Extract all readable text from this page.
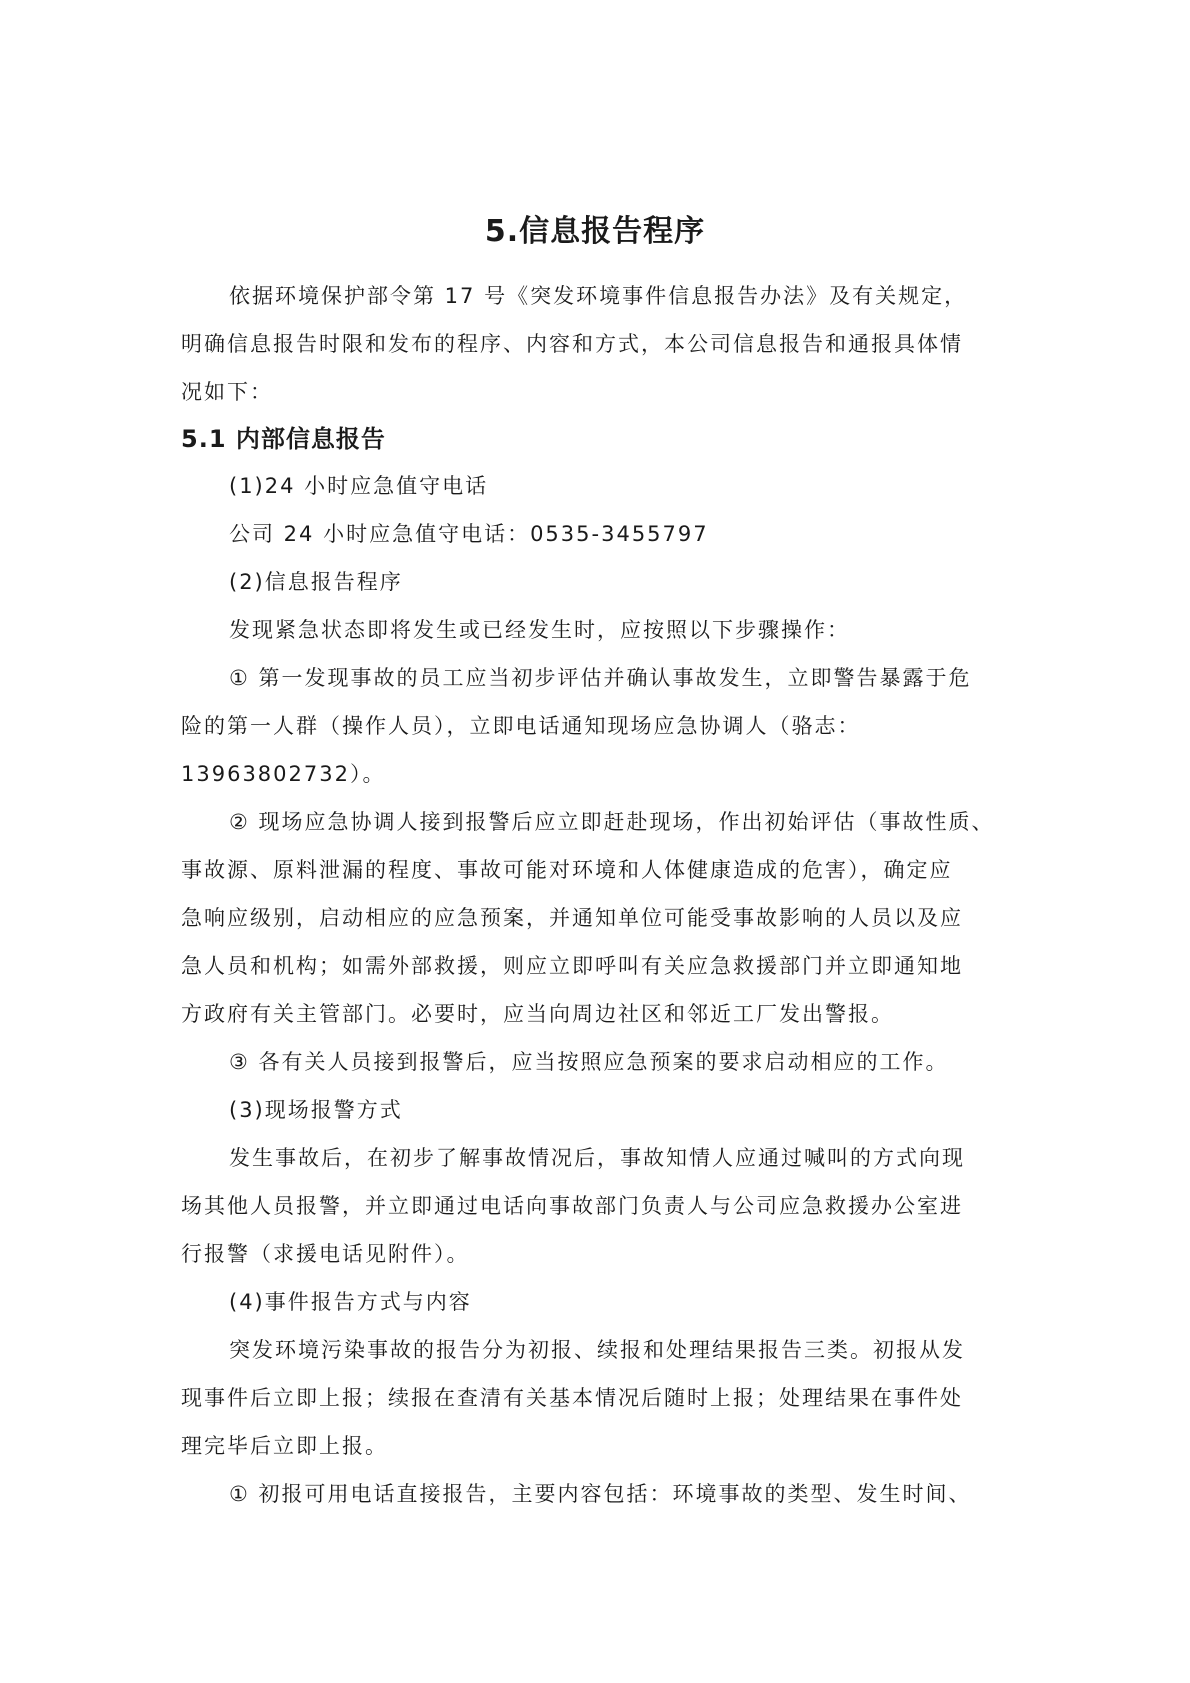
5.信息报告程序

依据环境保护部令第 17 号《突发环境事件信息报告办法》及有关规定，

明确信息报告时限和发布的程序、内容和方式，本公司信息报告和通报具体情

况如下：

5.1 内部信息报告

(1)24 小时应急值守电话

公司 24 小时应急值守电话：0535-3455797

(2)信息报告程序

发现紧急状态即将发生或已经发生时，应按照以下步骤操作：

① 第一发现事故的员工应当初步评估并确认事故发生，立即警告暴露于危

险的第一人群（操作人员），立即电话通知现场应急协调人（骆志：

13963802732）。

② 现场应急协调人接到报警后应立即赶赴现场，作出初始评估（事故性质、

事故源、原料泄漏的程度、事故可能对环境和人体健康造成的危害），确定应

急响应级别，启动相应的应急预案，并通知单位可能受事故影响的人员以及应

急人员和机构；如需外部救援，则应立即呼叫有关应急救援部门并立即通知地

方政府有关主管部门。必要时，应当向周边社区和邻近工厂发出警报。

③ 各有关人员接到报警后，应当按照应急预案的要求启动相应的工作。

(3)现场报警方式

发生事故后，在初步了解事故情况后，事故知情人应通过喊叫的方式向现

场其他人员报警，并立即通过电话向事故部门负责人与公司应急救援办公室进

行报警（求援电话见附件）。

(4)事件报告方式与内容

突发环境污染事故的报告分为初报、续报和处理结果报告三类。初报从发

现事件后立即上报；续报在查清有关基本情况后随时上报；处理结果在事件处

理完毕后立即上报。

① 初报可用电话直接报告，主要内容包括：环境事故的类型、发生时间、
